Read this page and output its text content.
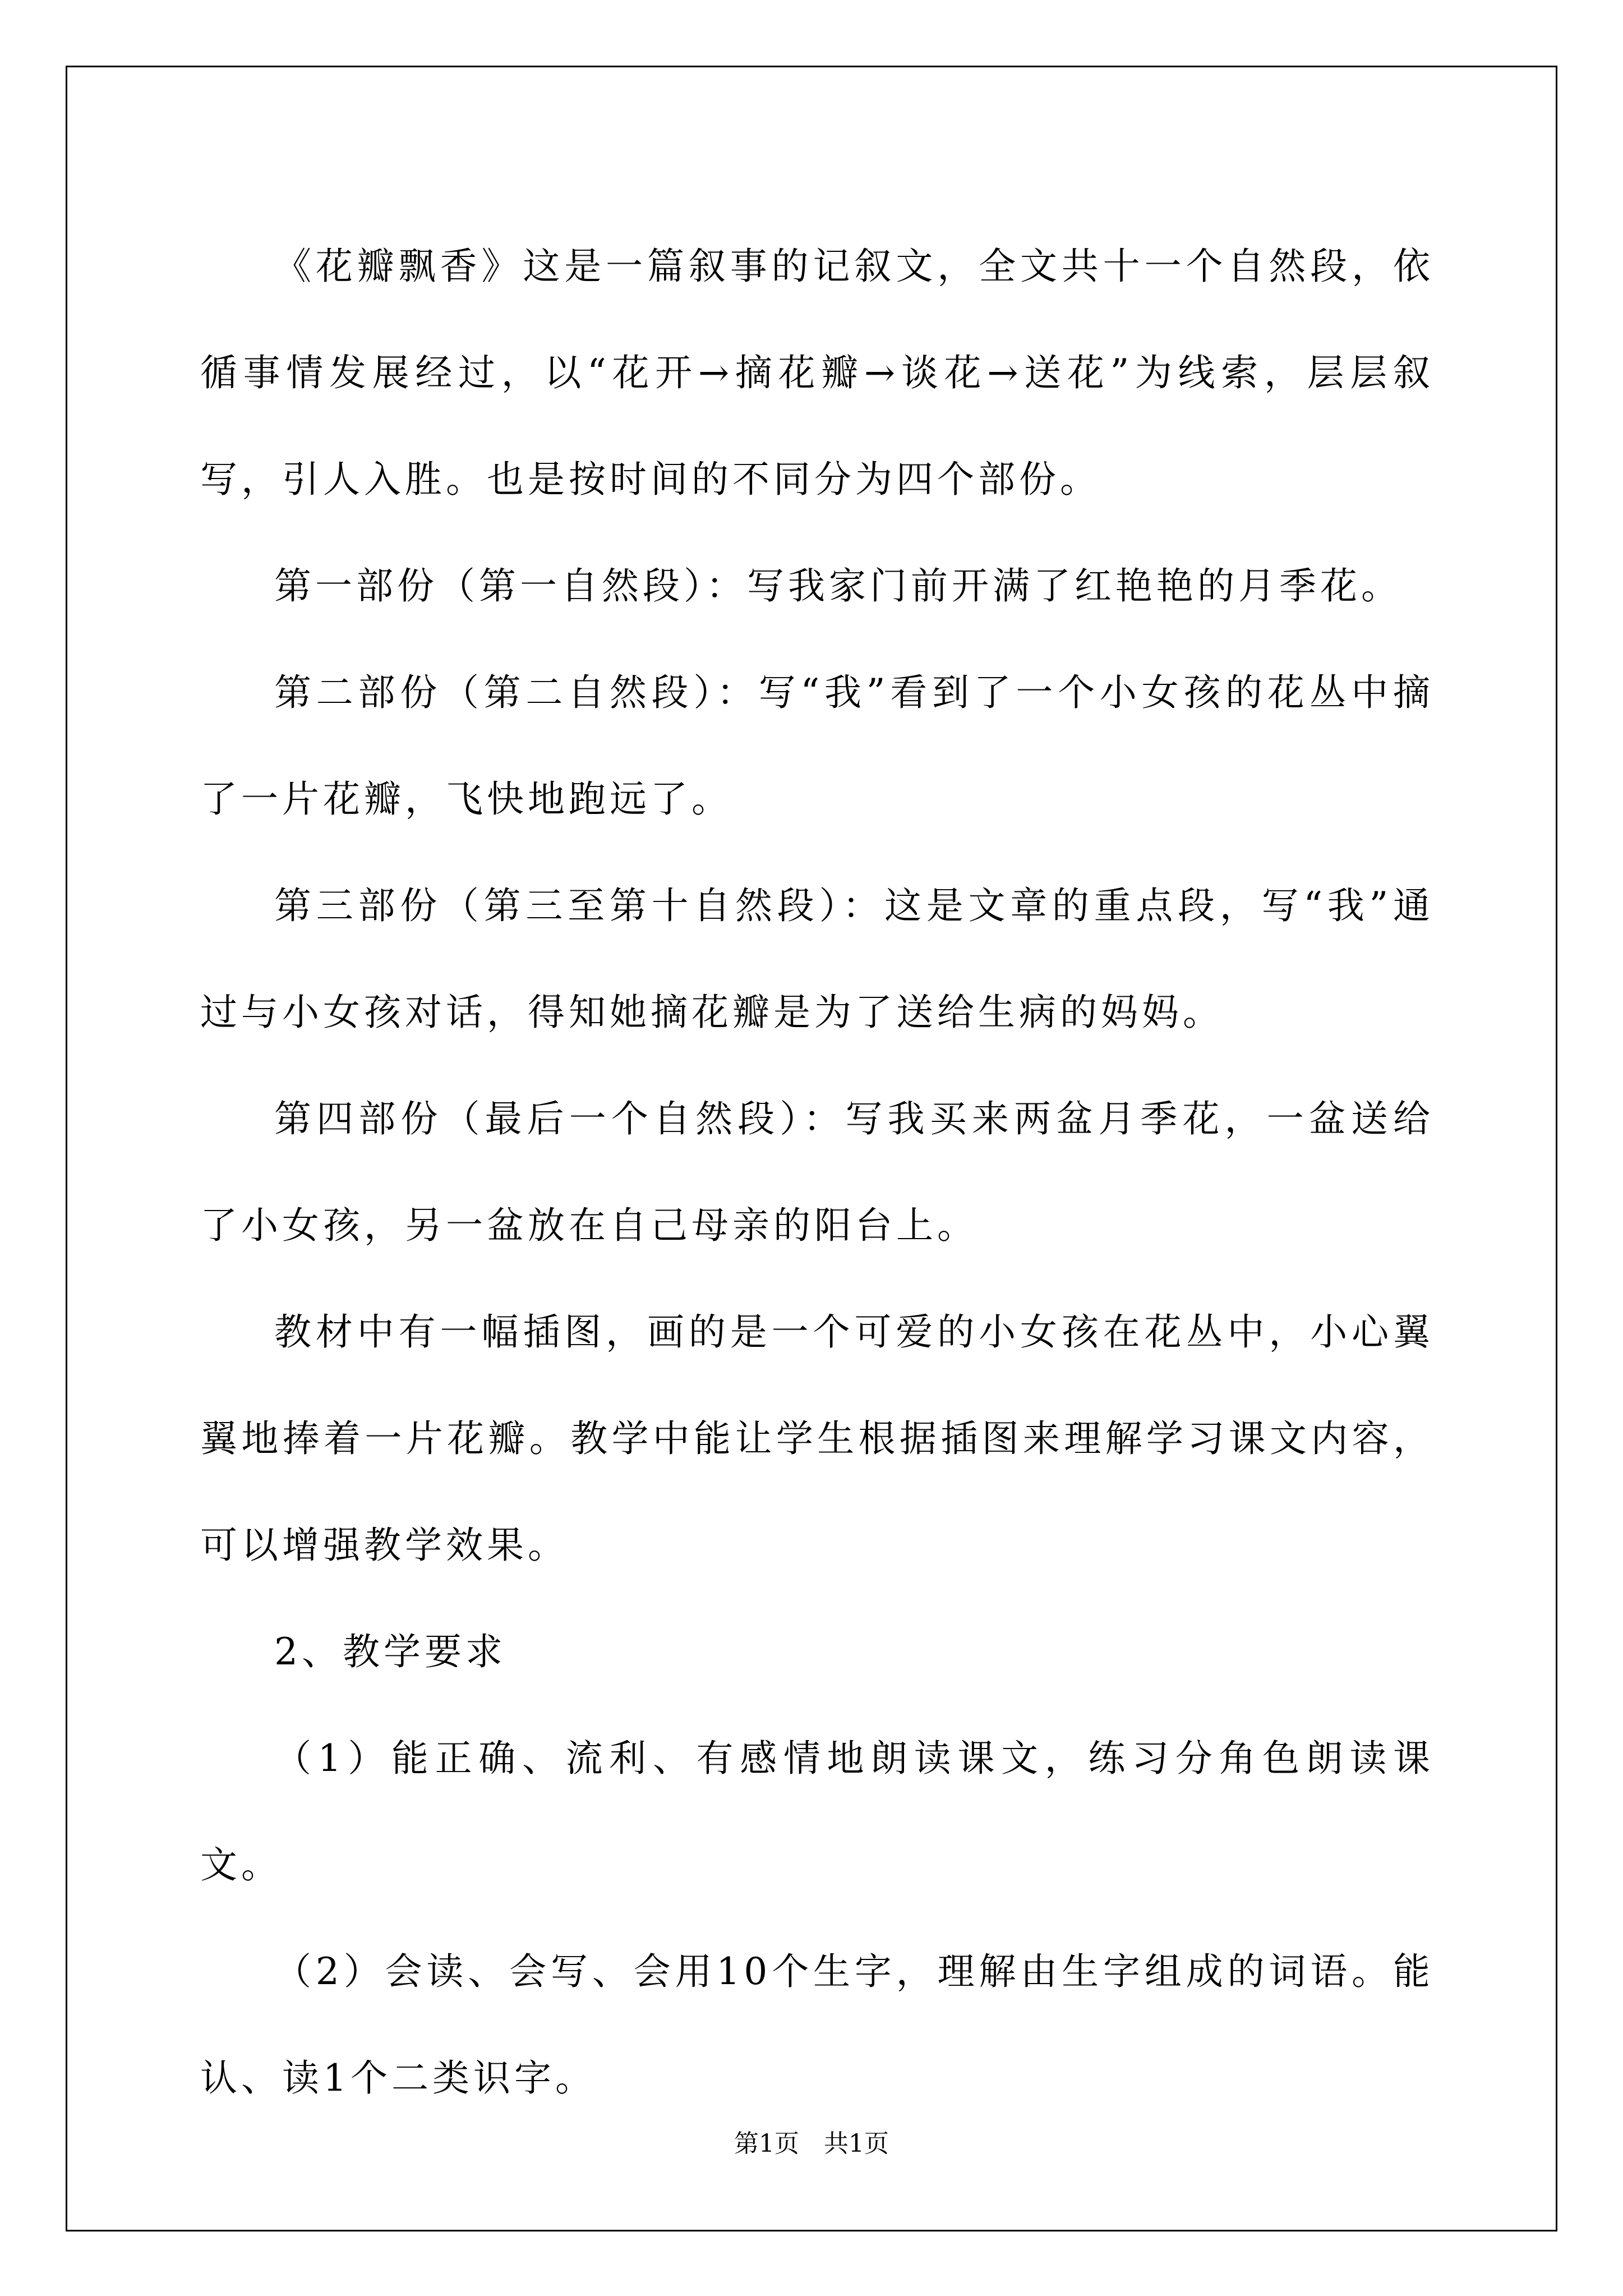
《花瓣飘香》这是一篇叙事的记叙文，全文共十一个自然段，依循事情发展经过，以“花开→摘花瓣→谈花→送花”为线索，层层叙写，引人入胜。也是按时间的不同分为四个部份。

第一部份（第一自然段）：写我家门前开满了红艳艳的月季花。

第二部份（第二自然段）：写“我”看到了一个小女孩的花丛中摘了一片花瓣，飞快地跑远了。

第三部份（第三至第十自然段）：这是文章的重点段，写“我”通过与小女孩对话，得知她摘花瓣是为了送给生病的妈妈。

第四部份（最后一个自然段）：写我买来两盆月季花，一盆送给了小女孩，另一盆放在自己母亲的阳台上。

教材中有一幅插图，画的是一个可爱的小女孩在花丛中，小心翼翼地捧着一片花瓣。教学中能让学生根据插图来理解学习课文内容，可以增强教学效果。

2、教学要求

（1）能正确、流利、有感情地朗读课文，练习分角色朗读课文。

（2）会读、会写、会用10个生字，理解由生字组成的词语。能认、读1个二类识字。

第1页　共1页
